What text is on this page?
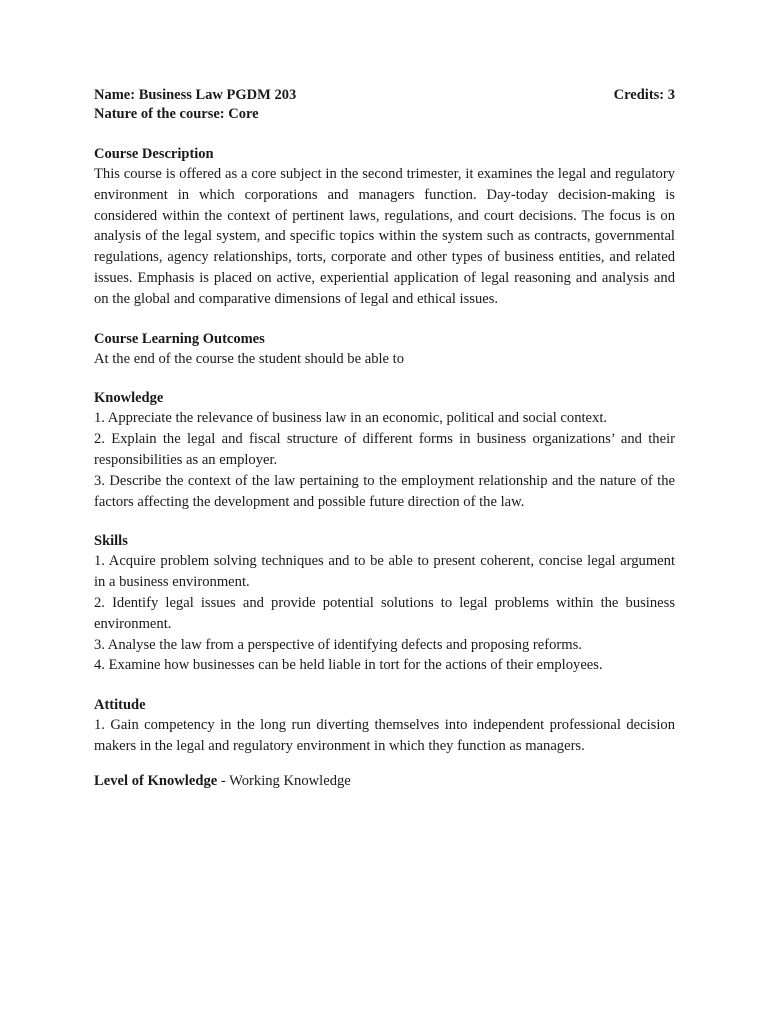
Name: Business Law PGDM 203	Credits: 3
Nature of the course: Core
Course Description

This course is offered as a core subject in the second trimester, it examines the legal and regulatory environment in which corporations and managers function. Day-today decision-making is considered within the context of pertinent laws, regulations, and court decisions. The focus is on analysis of the legal system, and specific topics within the system such as contracts, governmental regulations, agency relationships, torts, corporate and other types of business entities, and related issues. Emphasis is placed on active, experiential application of legal reasoning and analysis and on the global and comparative dimensions of legal and ethical issues.

Course Learning Outcomes

At the end of the course the student should be able to

Knowledge

1. Appreciate the relevance of business law in an economic, political and social context.

2. Explain the legal and fiscal structure of different forms in business organizations’ and their responsibilities as an employer.

3. Describe the context of the law pertaining to the employment relationship and the nature of the factors affecting the development and possible future direction of the law.

Skills

1. Acquire problem solving techniques and to be able to present coherent, concise legal argument in a business environment.

2. Identify legal issues and provide potential solutions to legal problems within the business environment.

3. Analyse the law from a perspective of identifying defects and proposing reforms.

4. Examine how businesses can be held liable in tort for the actions of their employees.

Attitude

1. Gain competency in the long run diverting themselves into independent professional decision makers in the legal and regulatory environment in which they function as managers.

Level of Knowledge - Working Knowledge
